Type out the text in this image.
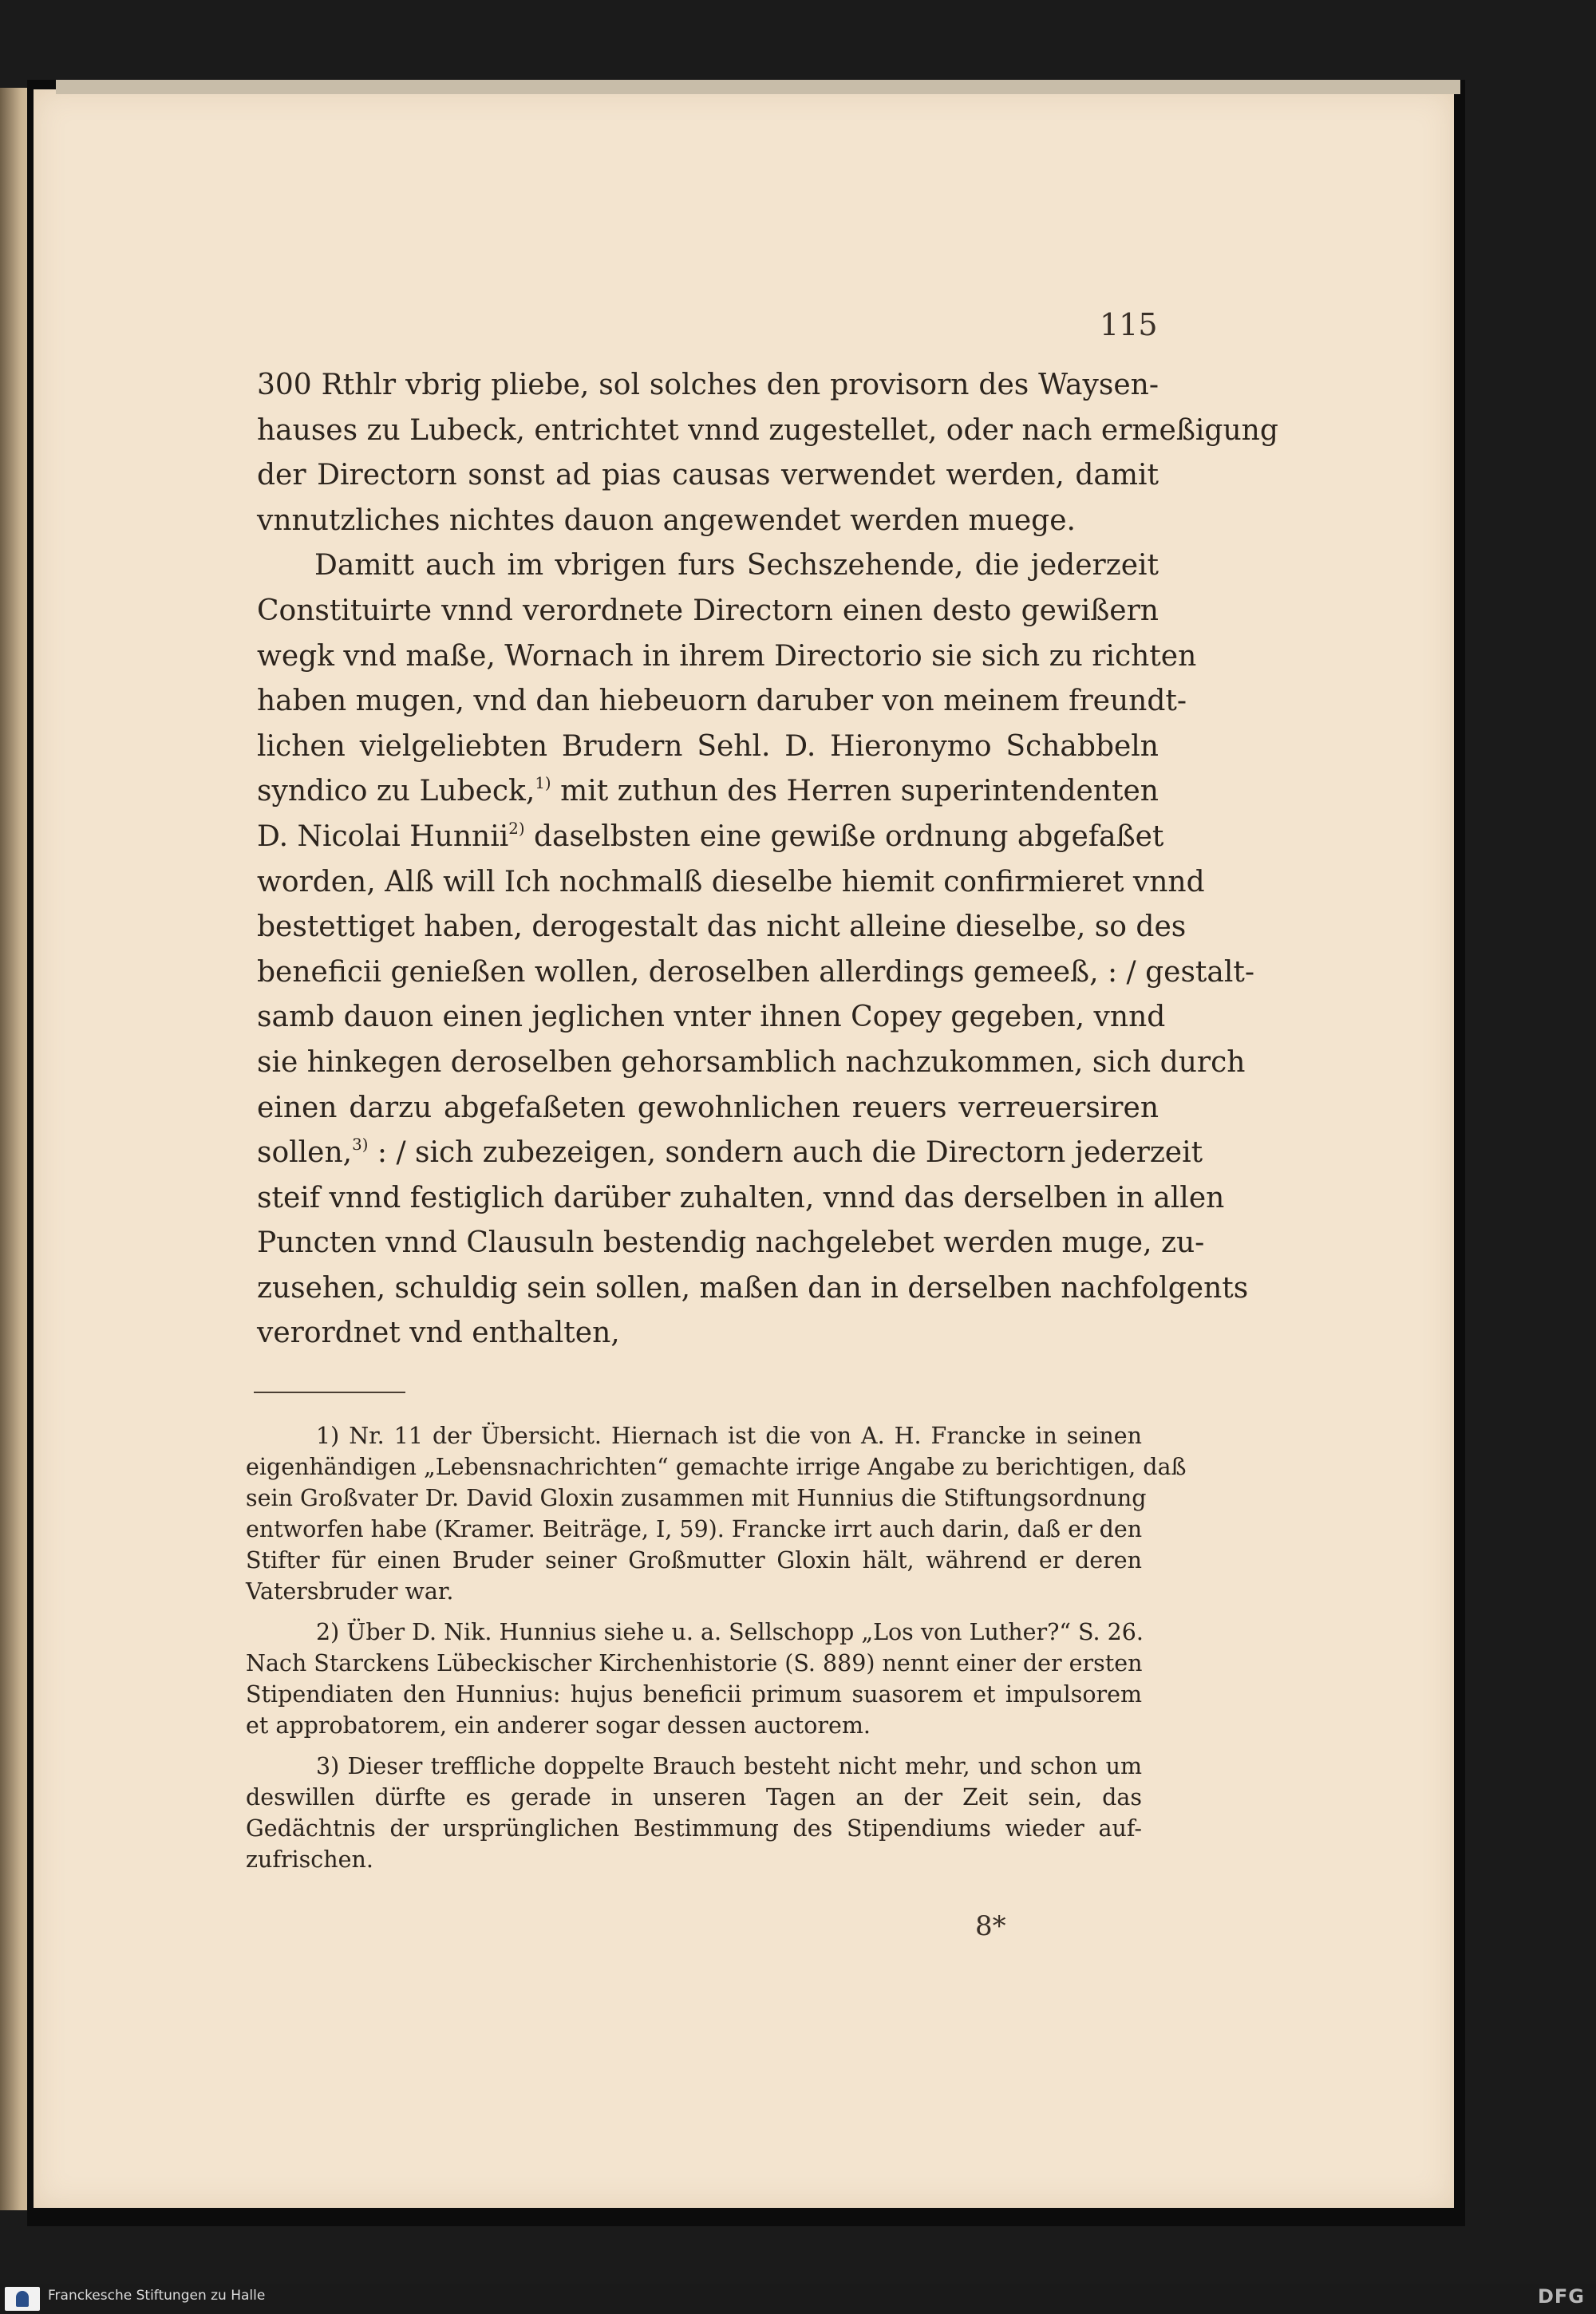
115

300 Rthlr vbrig pliebe, sol solches den provisorn des Waysen-
hauses zu Lubeck, entrichtet vnnd zugestellet, oder nach ermeßigung
der Directorn sonst ad pias causas verwendet werden, damit
vnnutzliches nichtes dauon angewendet werden muege.

Damitt auch im vbrigen furs Sechszehende, die jederzeit
Constituirte vnnd verordnete Directorn einen desto gewißern
wegk vnd maße, Wornach in ihrem Directorio sie sich zu richten
haben mugen, vnd dan hiebeuorn daruber von meinem freundt-
lichen vielgeliebten Brudern Sehl. D. Hieronymo Schabbeln
syndico zu Lubeck,$^{1)}$ mit zuthun des Herren superintendenten
D. Nicolai Hunnii$^{2)}$ daselbsten eine gewiße ordnung abgefaßet
worden, Alß will Ich nochmalß dieselbe hiemit confirmieret vnnd
bestettiget haben, derogestalt das nicht alleine dieselbe, so des
beneficii genießen wollen, deroselben allerdings gemeeß, : / gestalt-
samb dauon einen jeglichen vnter ihnen Copey gegeben, vnnd
sie hinkegen deroselben gehorsamblich nachzukommen, sich durch
einen darzu abgefaßeten gewohnlichen reuers verreuersiren
sollen,$^{3)}$ : / sich zubezeigen, sondern auch die Directorn jederzeit
steif vnnd festiglich darüber zuhalten, vnnd das derselben in allen
Puncten vnnd Clausuln bestendig nachgelebet werden muge, zu-
zusehen, schuldig sein sollen, maßen dan in derselben nachfolgents
verordnet vnd enthalten,

1) Nr. 11 der Übersicht. Hiernach ist die von A. H. Francke in seinen
eigenhändigen „Lebensnachrichten“ gemachte irrige Angabe zu berichtigen, daß
sein Großvater Dr. David Gloxin zusammen mit Hunnius die Stiftungsordnung
entworfen habe (Kramer. Beiträge, I, 59). Francke irrt auch darin, daß er den
Stifter für einen Bruder seiner Großmutter Gloxin hält, während er deren
Vatersbruder war.
2) Über D. Nik. Hunnius siehe u. a. Sellschopp „Los von Luther?“ S. 26.
Nach Starckens Lübeckischer Kirchenhistorie (S. 889) nennt einer der ersten
Stipendiaten den Hunnius: hujus beneficii primum suasorem et impulsorem
et approbatorem, ein anderer sogar dessen auctorem.
3) Dieser treffliche doppelte Brauch besteht nicht mehr, und schon um
deswillen dürfte es gerade in unseren Tagen an der Zeit sein, das
Gedächtnis der ursprünglichen Bestimmung des Stipendiums wieder auf-
zufrischen.
8*
Franckesche Stiftungen zu Halle	DFG
